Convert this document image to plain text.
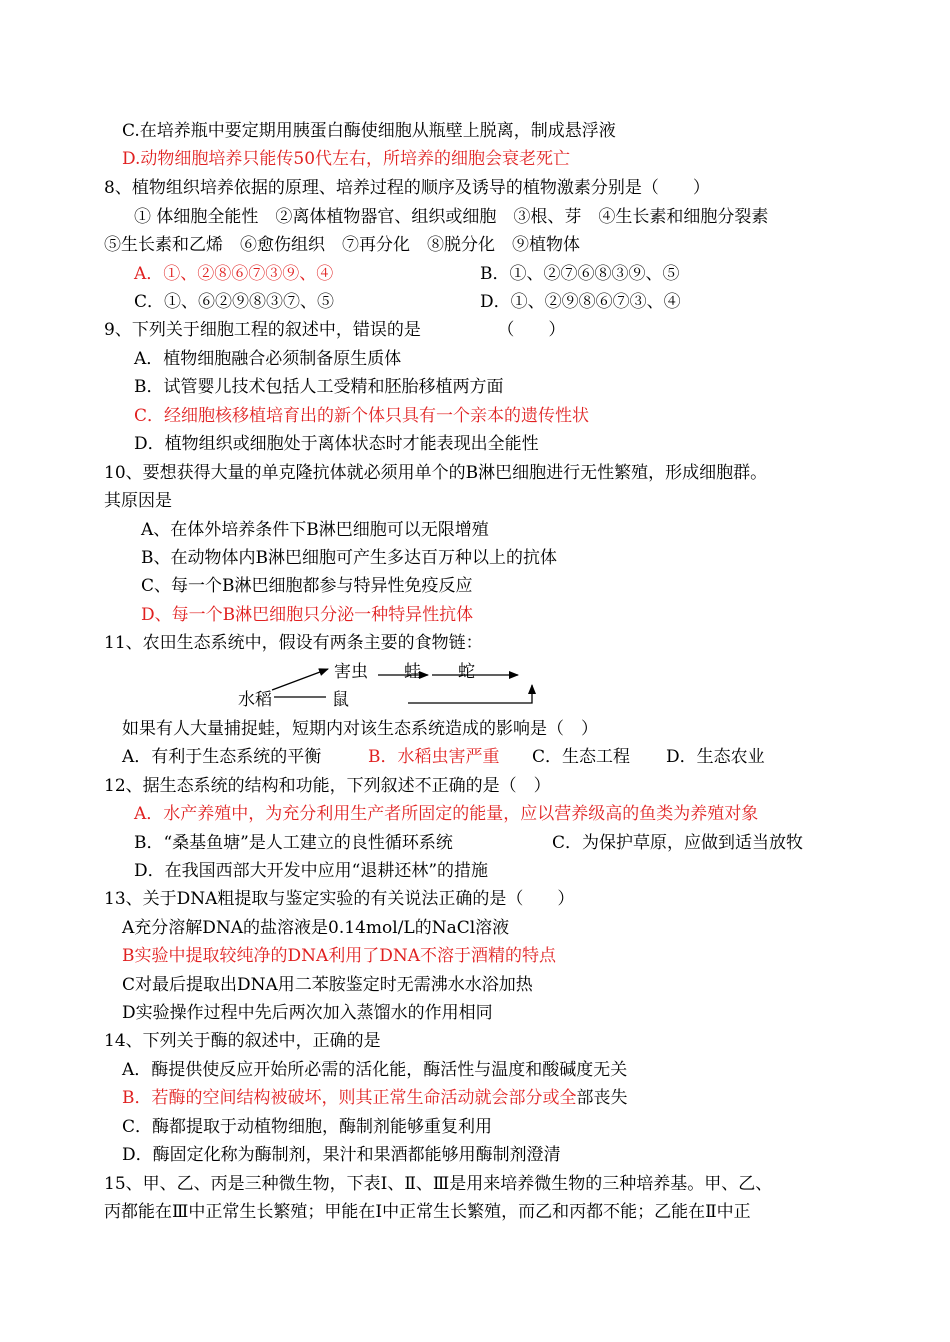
C.在培养瓶中要定期用胰蛋白酶使细胞从瓶壁上脱离，制成悬浮液
D.动物细胞培养只能传50代左右，所培养的细胞会衰老死亡
8、植物组织培养依据的原理、培养过程的顺序及诱导的植物激素分别是（　　）
① 体细胞全能性　②离体植物器官、组织或细胞　③根、芽　④生长素和细胞分裂素
⑤生长素和乙烯　⑥愈伤组织　⑦再分化　⑧脱分化　⑨植物体
A．①、②⑧⑥⑦③⑨、④	B．①、②⑦⑥⑧③⑨、⑤
C．①、⑥②⑨⑧③⑦、⑤	D．①、②⑨⑧⑥⑦③、④
9、下列关于细胞工程的叙述中，错误的是　　　　　（　　）
A．植物细胞融合必须制备原生质体
B．试管婴儿技术包括人工受精和胚胎移植两方面
C．经细胞核移植培育出的新个体只具有一个亲本的遗传性状
D．植物组织或细胞处于离体状态时才能表现出全能性
10、要想获得大量的单克隆抗体就必须用单个的B淋巴细胞进行无性繁殖，形成细胞群。
其原因是
A、在体外培养条件下B淋巴细胞可以无限增殖
B、在动物体内B淋巴细胞可产生多达百万种以上的抗体
C、每一个B淋巴细胞都参与特异性免疫反应
D、每一个B淋巴细胞只分泌一种特异性抗体
11、农田生态系统中，假设有两条主要的食物链：
害虫 蛙 蛇
水稻	鼠
如果有人大量捕捉蛙，短期内对该生态系统造成的影响是（　）
A．有利于生态系统的平衡	B．水稻虫害严重 C．生态工程 D．生态农业
12、据生态系统的结构和功能，下列叙述不正确的是（　）
A．水产养殖中，为充分利用生产者所固定的能量，应以营养级高的鱼类为养殖对象
B．“桑基鱼塘”是人工建立的良性循环系统	C．为保护草原，应做到适当放牧
D．在我国西部大开发中应用“退耕还林”的措施
13、关于DNA粗提取与鉴定实验的有关说法正确的是（　　）
A充分溶解DNA的盐溶液是0.14mol/L的NaCl溶液
B实验中提取较纯净的DNA利用了DNA不溶于酒精的特点
C对最后提取出DNA用二苯胺鉴定时无需沸水水浴加热
D实验操作过程中先后两次加入蒸馏水的作用相同
14、下列关于酶的叙述中，正确的是
A．酶提供使反应开始所必需的活化能，酶活性与温度和酸碱度无关
B．若酶的空间结构被破坏，则其正常生命活动就会部分或全部丧失
C．酶都提取于动植物细胞，酶制剂能够重复利用
D．酶固定化称为酶制剂，果汁和果酒都能够用酶制剂澄清
15、甲、乙、丙是三种微生物，下表Ⅰ、Ⅱ、Ⅲ是用来培养微生物的三种培养基。甲、乙、
丙都能在Ⅲ中正常生长繁殖；甲能在Ⅰ中正常生长繁殖，而乙和丙都不能；乙能在Ⅱ中正
